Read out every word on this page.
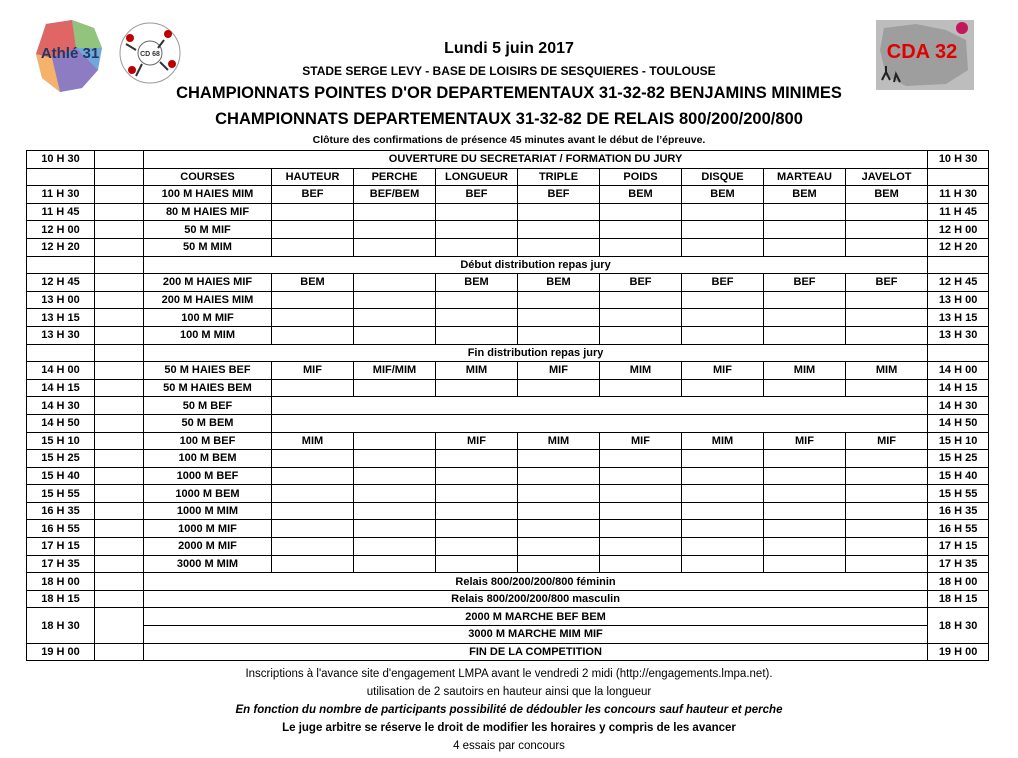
Athlé 31	CD 68	CDA 32
Lundi 5 juin 2017
STADE SERGE LEVY - BASE DE LOISIRS DE SESQUIERES - TOULOUSE
CHAMPIONNATS POINTES D'OR DEPARTEMENTAUX 31-32-82 BENJAMINS MINIMES
CHAMPIONNATS DEPARTEMENTAUX 31-32-82 DE RELAIS 800/200/200/800
Clôture des confirmations de présence 45 minutes avant le début de l’épreuve.
10 H 30		OUVERTURE DU SECRETARIAT / FORMATION DU JURY									10 H 30
		COURSES	HAUTEUR	PERCHE	LONGUEUR	TRIPLE	POIDS	DISQUE	MARTEAU	JAVELOT	
11 H 30		100 M HAIES MIM	BEF	BEF/BEM	BEF	BEF	BEM	BEM	BEM	BEM	11 H 30
11 H 45		80 M HAIES MIF									11 H 45
12 H 00		50 M MIF									12 H 00
12 H 20		50 M MIM									12 H 20
		Début distribution repas jury									
12 H 45		200 M HAIES MIF	BEM		BEM	BEM	BEF	BEF	BEF	BEF	12 H 45
13 H 00		200 M HAIES MIM									13 H 00
13 H 15		100 M MIF									13 H 15
13 H 30		100 M MIM									13 H 30
		Fin distribution repas jury									
14 H 00		50 M HAIES BEF	MIF	MIF/MIM	MIM	MIF	MIM	MIF	MIM	MIM	14 H 00
14 H 15		50 M HAIES BEM									14 H 15
14 H 30		50 M BEF									14 H 30
14 H 50		50 M BEM									14 H 50
15 H 10		100 M BEF	MIM		MIF	MIM	MIF	MIM	MIF	MIF	15 H 10
15 H 25		100 M BEM									15 H 25
15 H 40		1000 M BEF									15 H 40
15 H 55		1000 M BEM									15 H 55
16 H 35		1000 M MIM									16 H 35
16 H 55		1000 M MIF									16 H 55
17 H 15		2000 M MIF									17 H 15
17 H 35		3000 M MIM									17 H 35
18 H 00		Relais 800/200/200/800 féminin									18 H 00
18 H 15		Relais 800/200/200/800 masculin									18 H 15
18 H 30		2000 M MARCHE BEF BEM									18 H 30
		3000 M MARCHE MIM MIF									
19 H 00		FIN DE LA COMPETITION									19 H 00
Inscriptions à l'avance site d'engagement LMPA avant le vendredi 2 midi (http://engagements.lmpa.net).
utilisation de 2 sautoirs en hauteur ainsi que la longueur
En fonction du nombre de participants possibilité de dédoubler les concours sauf hauteur et perche
Le juge arbitre se réserve le droit de modifier les horaires y compris de les avancer
4 essais par concours
